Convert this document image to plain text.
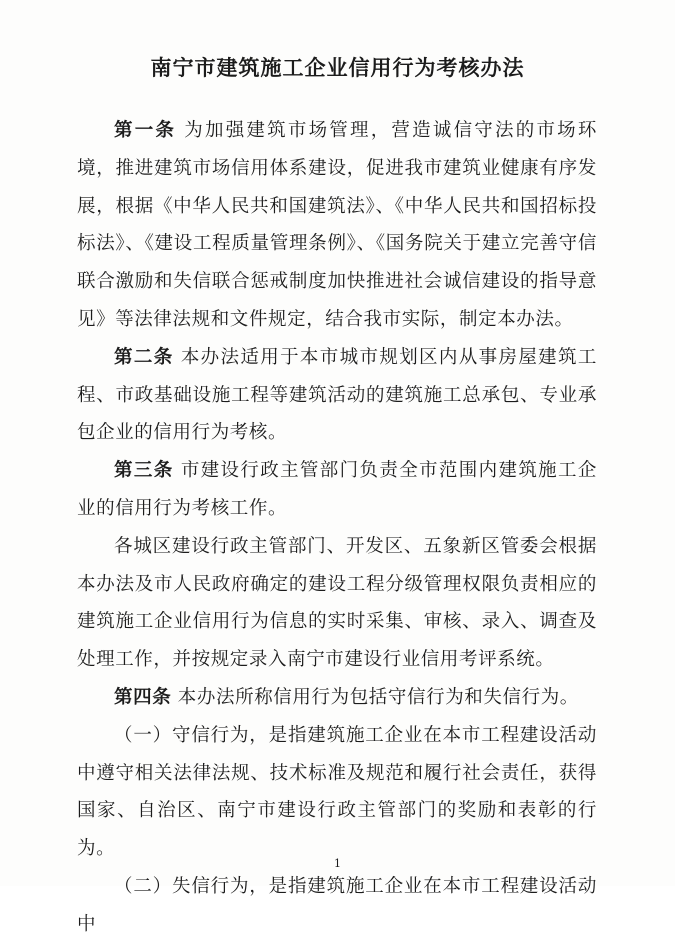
南宁市建筑施工企业信用行为考核办法

第一条 为加强建筑市场管理，营造诚信守法的市场环境，推进建筑市场信用体系建设，促进我市建筑业健康有序发展，根据《中华人民共和国建筑法》、《中华人民共和国招标投标法》、《建设工程质量管理条例》、《国务院关于建立完善守信联合激励和失信联合惩戒制度加快推进社会诚信建设的指导意见》等法律法规和文件规定，结合我市实际，制定本办法。

第二条 本办法适用于本市城市规划区内从事房屋建筑工程、市政基础设施工程等建筑活动的建筑施工总承包、专业承包企业的信用行为考核。

第三条 市建设行政主管部门负责全市范围内建筑施工企业的信用行为考核工作。

各城区建设行政主管部门、开发区、五象新区管委会根据本办法及市人民政府确定的建设工程分级管理权限负责相应的建筑施工企业信用行为信息的实时采集、审核、录入、调查及处理工作，并按规定录入南宁市建设行业信用考评系统。

第四条 本办法所称信用行为包括守信行为和失信行为。

（一）守信行为，是指建筑施工企业在本市工程建设活动中遵守相关法律法规、技术标准及规范和履行社会责任，获得国家、自治区、南宁市建设行政主管部门的奖励和表彰的行为。

（二）失信行为，是指建筑施工企业在本市工程建设活动中

1
